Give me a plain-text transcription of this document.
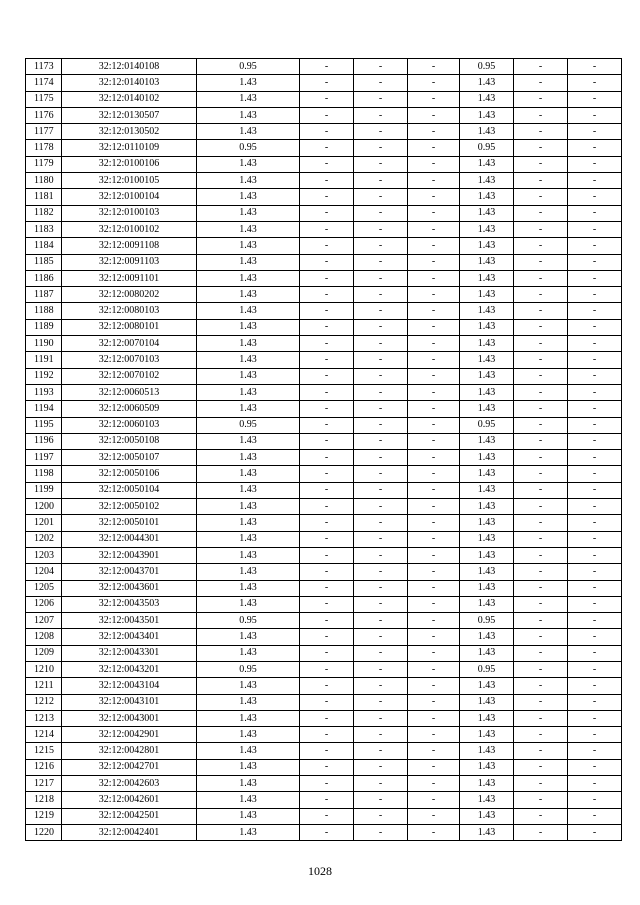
1173	32:12:0140108	0.95	-	-	-	0.95	-	-
1174	32:12:0140103	1.43	-	-	-	1.43	-	-
1175	32:12:0140102	1.43	-	-	-	1.43	-	-
1176	32:12:0130507	1.43	-	-	-	1.43	-	-
1177	32:12:0130502	1.43	-	-	-	1.43	-	-
1178	32:12:0110109	0.95	-	-	-	0.95	-	-
1179	32:12:0100106	1.43	-	-	-	1.43	-	-
1180	32:12:0100105	1.43	-	-	-	1.43	-	-
1181	32:12:0100104	1.43	-	-	-	1.43	-	-
1182	32:12:0100103	1.43	-	-	-	1.43	-	-
1183	32:12:0100102	1.43	-	-	-	1.43	-	-
1184	32:12:0091108	1.43	-	-	-	1.43	-	-
1185	32:12:0091103	1.43	-	-	-	1.43	-	-
1186	32:12:0091101	1.43	-	-	-	1.43	-	-
1187	32:12:0080202	1.43	-	-	-	1.43	-	-
1188	32:12:0080103	1.43	-	-	-	1.43	-	-
1189	32:12:0080101	1.43	-	-	-	1.43	-	-
1190	32:12:0070104	1.43	-	-	-	1.43	-	-
1191	32:12:0070103	1.43	-	-	-	1.43	-	-
1192	32:12:0070102	1.43	-	-	-	1.43	-	-
1193	32:12:0060513	1.43	-	-	-	1.43	-	-
1194	32:12:0060509	1.43	-	-	-	1.43	-	-
1195	32:12:0060103	0.95	-	-	-	0.95	-	-
1196	32:12:0050108	1.43	-	-	-	1.43	-	-
1197	32:12:0050107	1.43	-	-	-	1.43	-	-
1198	32:12:0050106	1.43	-	-	-	1.43	-	-
1199	32:12:0050104	1.43	-	-	-	1.43	-	-
1200	32:12:0050102	1.43	-	-	-	1.43	-	-
1201	32:12:0050101	1.43	-	-	-	1.43	-	-
1202	32:12:0044301	1.43	-	-	-	1.43	-	-
1203	32:12:0043901	1.43	-	-	-	1.43	-	-
1204	32:12:0043701	1.43	-	-	-	1.43	-	-
1205	32:12:0043601	1.43	-	-	-	1.43	-	-
1206	32:12:0043503	1.43	-	-	-	1.43	-	-
1207	32:12:0043501	0.95	-	-	-	0.95	-	-
1208	32:12:0043401	1.43	-	-	-	1.43	-	-
1209	32:12:0043301	1.43	-	-	-	1.43	-	-
1210	32:12:0043201	0.95	-	-	-	0.95	-	-
1211	32:12:0043104	1.43	-	-	-	1.43	-	-
1212	32:12:0043101	1.43	-	-	-	1.43	-	-
1213	32:12:0043001	1.43	-	-	-	1.43	-	-
1214	32:12:0042901	1.43	-	-	-	1.43	-	-
1215	32:12:0042801	1.43	-	-	-	1.43	-	-
1216	32:12:0042701	1.43	-	-	-	1.43	-	-
1217	32:12:0042603	1.43	-	-	-	1.43	-	-
1218	32:12:0042601	1.43	-	-	-	1.43	-	-
1219	32:12:0042501	1.43	-	-	-	1.43	-	-
1220	32:12:0042401	1.43	-	-	-	1.43	-	-
1028
